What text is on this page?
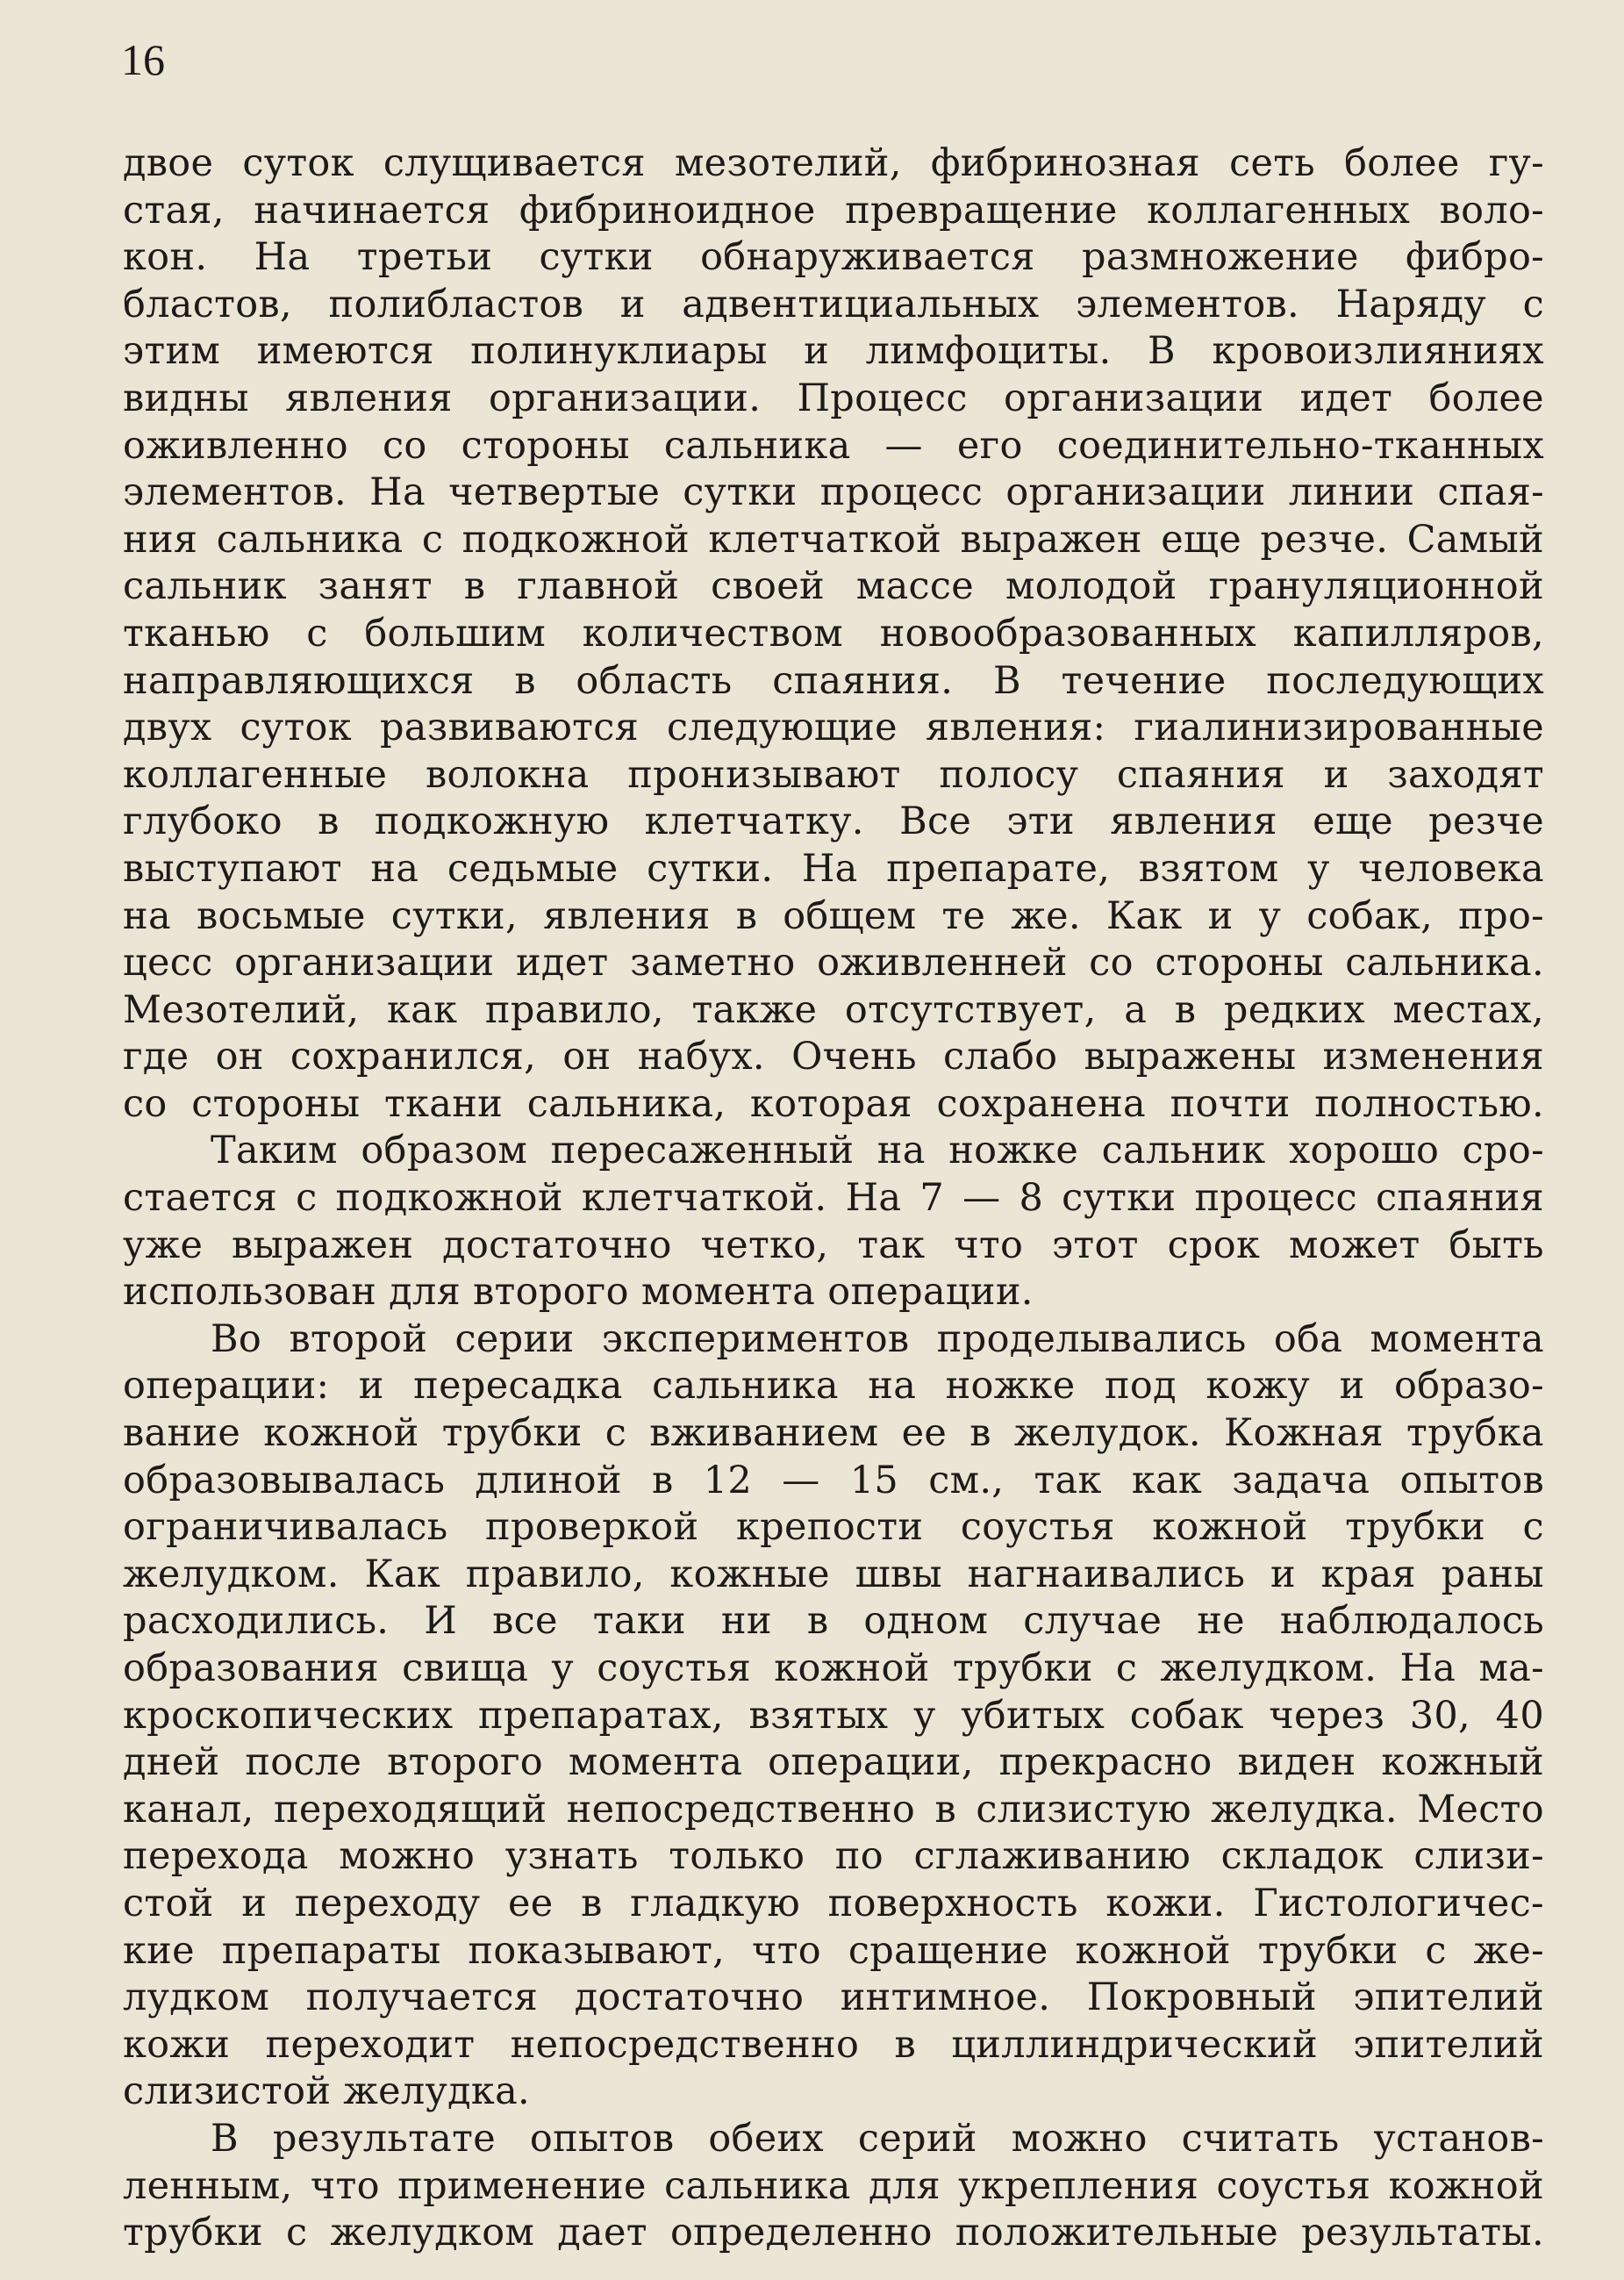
16
двое суток слущивается мезотелий, фибринозная сеть более гу-
стая, начинается фибриноидное превращение коллагенных воло-
кон. На третьи сутки обнаруживается размножение фибро-
бластов, полибластов и адвентициальных элементов. Наряду с
этим имеются полинуклиары и лимфоциты. В кровоизлияниях
видны явления организации. Процесс организации идет более
оживленно со стороны сальника — его соединительно-тканных
элементов. На четвертые сутки процесс организации линии спая-
ния сальника с подкожной клетчаткой выражен еще резче. Самый
сальник занят в главной своей массе молодой грануляционной
тканью с большим количеством новообразованных капилляров,
направляющихся в область спаяния. В течение последующих
двух суток развиваются следующие явления: гиалинизированные
коллагенные волокна пронизывают полосу спаяния и заходят
глубоко в подкожную клетчатку. Все эти явления еще резче
выступают на седьмые сутки. На препарате, взятом у человека
на восьмые сутки, явления в общем те же. Как и у собак, про-
цесс организации идет заметно оживленней со стороны сальника.
Мезотелий, как правило, также отсутствует, а в редких местах,
где он сохранился, он набух. Очень слабо выражены изменения
со стороны ткани сальника, которая сохранена почти полностью.
Таким образом пересаженный на ножке сальник хорошо сро-
стается с подкожной клетчаткой. На 7 — 8 сутки процесс спаяния
уже выражен достаточно четко, так что этот срок может быть
использован для второго момента операции.
Во второй серии экспериментов проделывались оба момента
операции: и пересадка сальника на ножке под кожу и образо-
вание кожной трубки с вживанием ее в желудок. Кожная трубка
образовывалась длиной в 12 — 15 см., так как задача опытов
ограничивалась проверкой крепости соустья кожной трубки с
желудком. Как правило, кожные швы нагнаивались и края раны
расходились. И все таки ни в одном случае не наблюдалось
образования свища у соустья кожной трубки с желудком. На ма-
кроскопических препаратах, взятых у убитых собак через 30, 40
дней после второго момента операции, прекрасно виден кожный
канал, переходящий непосредственно в слизистую желудка. Место
перехода можно узнать только по сглаживанию складок слизи-
стой и переходу ее в гладкую поверхность кожи. Гистологичес-
кие препараты показывают, что сращение кожной трубки с же-
лудком получается достаточно интимное. Покровный эпителий
кожи переходит непосредственно в циллиндрический эпителий
слизистой желудка.
В результате опытов обеих серий можно считать установ-
ленным, что применение сальника для укрепления соустья кожной
трубки с желудком дает определенно положительные результаты.
